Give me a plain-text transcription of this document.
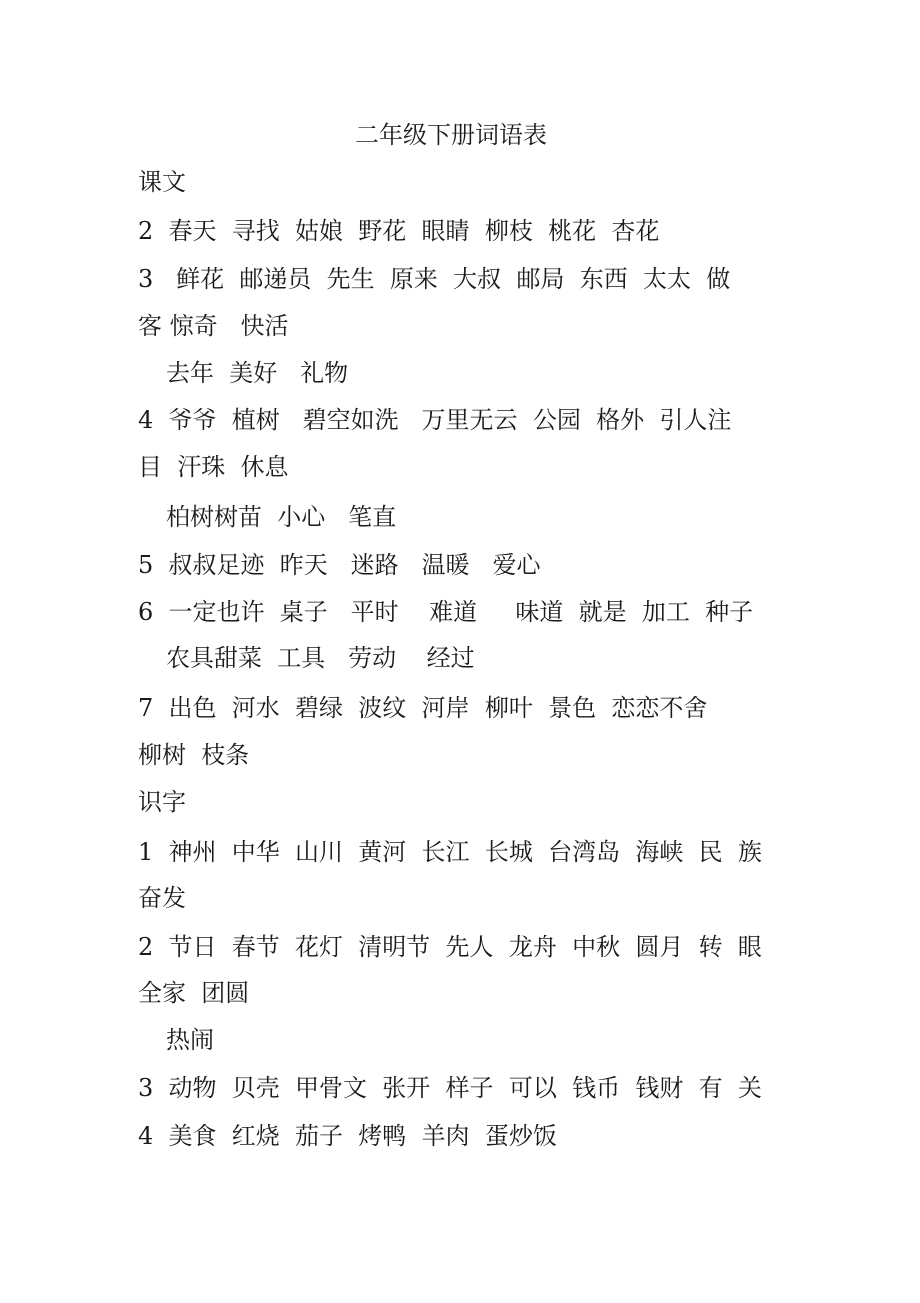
二年级下册词语表
课文
2  春天  寻找  姑娘  野花  眼睛  柳枝  桃花  杏花
3   鲜花  邮递员  先生  原来  大叔  邮局  东西  太太  做
客 惊奇   快活
去年  美好   礼物
4  爷爷  植树   碧空如洗   万里无云  公园  格外  引人注
目  汗珠  休息
柏树树苗  小心   笔直
5  叔叔足迹  昨天   迷路   温暖   爱心
6  一定也许  桌子   平时    难道     味道  就是  加工  种子
农具甜菜  工具   劳动    经过
7  出色  河水  碧绿  波纹  河岸  柳叶  景色  恋恋不舍
柳树  枝条
识字
1  神州  中华  山川  黄河  长江  长城  台湾岛  海峡  民  族
奋发
2  节日  春节  花灯  清明节  先人  龙舟  中秋  圆月  转  眼
全家  团圆
热闹
3  动物  贝壳  甲骨文  张开  样子  可以  钱币  钱财  有  关
4  美食  红烧  茄子  烤鸭  羊肉  蛋炒饭
